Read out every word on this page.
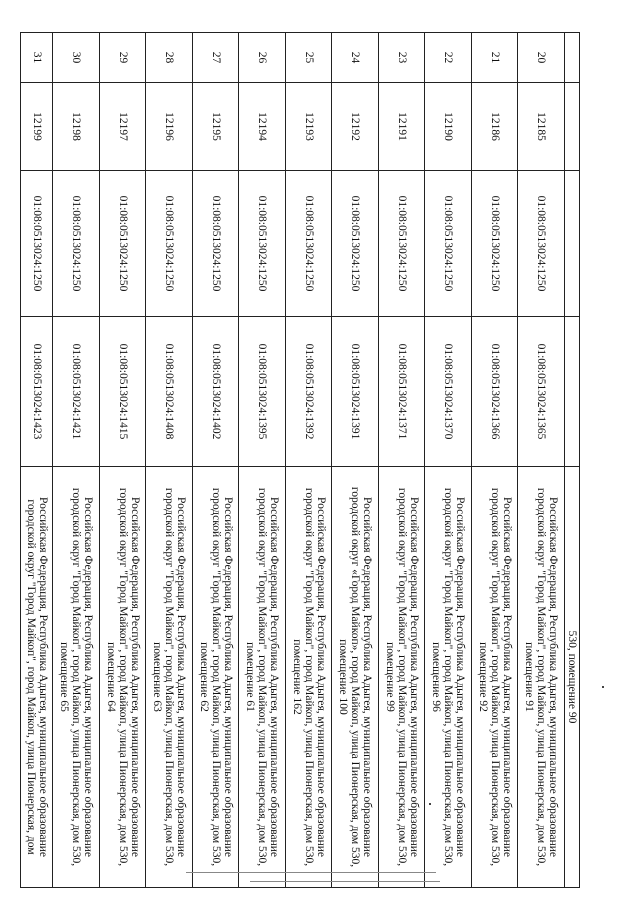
				530, помещение 90
20	12185	01:08:0513024:1250	01:08:0513024:1365	Российская Федерация, Республика Адыгея, муниципальное образование городской округ "Город Майкоп", город Майкоп, улица Пионерская, дом 530, помещение 91
21	12186	01:08:0513024:1250	01:08:0513024:1366	Российская Федерация, Республика Адыгея, муниципальное образование городской округ "Город Майкоп", город Майкоп, улица Пионерская, дом 530, помещение 92
22	12190	01:08:0513024:1250	01:08:0513024:1370	Российская Федерация, Республика Адыгея, муниципальное образование городской округ "Город Майкоп", город Майкоп, улица Пионерская, дом 530, помещение 96
23	12191	01:08:0513024:1250	01:08:0513024:1371	Российская Федерация, Республика Адыгея, муниципальное образование городской округ "Город Майкоп", город Майкоп, улица Пионерская, дом 530, помещение 99
24	12192	01:08:0513024:1250	01:08:0513024:1391	Российская Федерация, Республика Адыгея, муниципальное образование городской округ «Город Майкоп», город Майкоп, улица Пионерская, дом 530, помещение 100
25	12193	01:08:0513024:1250	01:08:0513024:1392	Российская Федерация, Республика Адыгея, муниципальное образование городской округ "Город Майкоп", город Майкоп, улица Пионерская, дом 530, помещение 162
26	12194	01:08:0513024:1250	01:08:0513024:1395	Российская Федерация, Республика Адыгея, муниципальное образование городской округ "Город Майкоп", город Майкоп, улица Пионерская, дом 530, помещение 61
27	12195	01:08:0513024:1250	01:08:0513024:1402	Российская Федерация, Республика Адыгея, муниципальное образование городской округ "Город Майкоп", город Майкоп, улица Пионерская, дом 530, помещение 62
28	12196	01:08:0513024:1250	01:08:0513024:1408	Российская Федерация, Республика Адыгея, муниципальное образование городской округ "Город Майкоп", город Майкоп, улица Пионерская, дом 530, помещение 63
29	12197	01:08:0513024:1250	01:08:0513024:1415	Российская Федерация, Республика Адыгея, муниципальное образование городской округ "Город Майкоп", город Майкоп, улица Пионерская, дом 530, помещение 64
30	12198	01:08:0513024:1250	01:08:0513024:1421	Российская Федерация, Республика Адыгея, муниципальное образование городской округ "Город Майкоп", город Майкоп, улица Пионерская, дом 530, помещение 65
31	12199	01:08:0513024:1250	01:08:0513024:1423	Российская Федерация, Республика Адыгея, муниципальное образование городской округ "Город Майкоп", город Майкоп, улица Пионерская, дом
